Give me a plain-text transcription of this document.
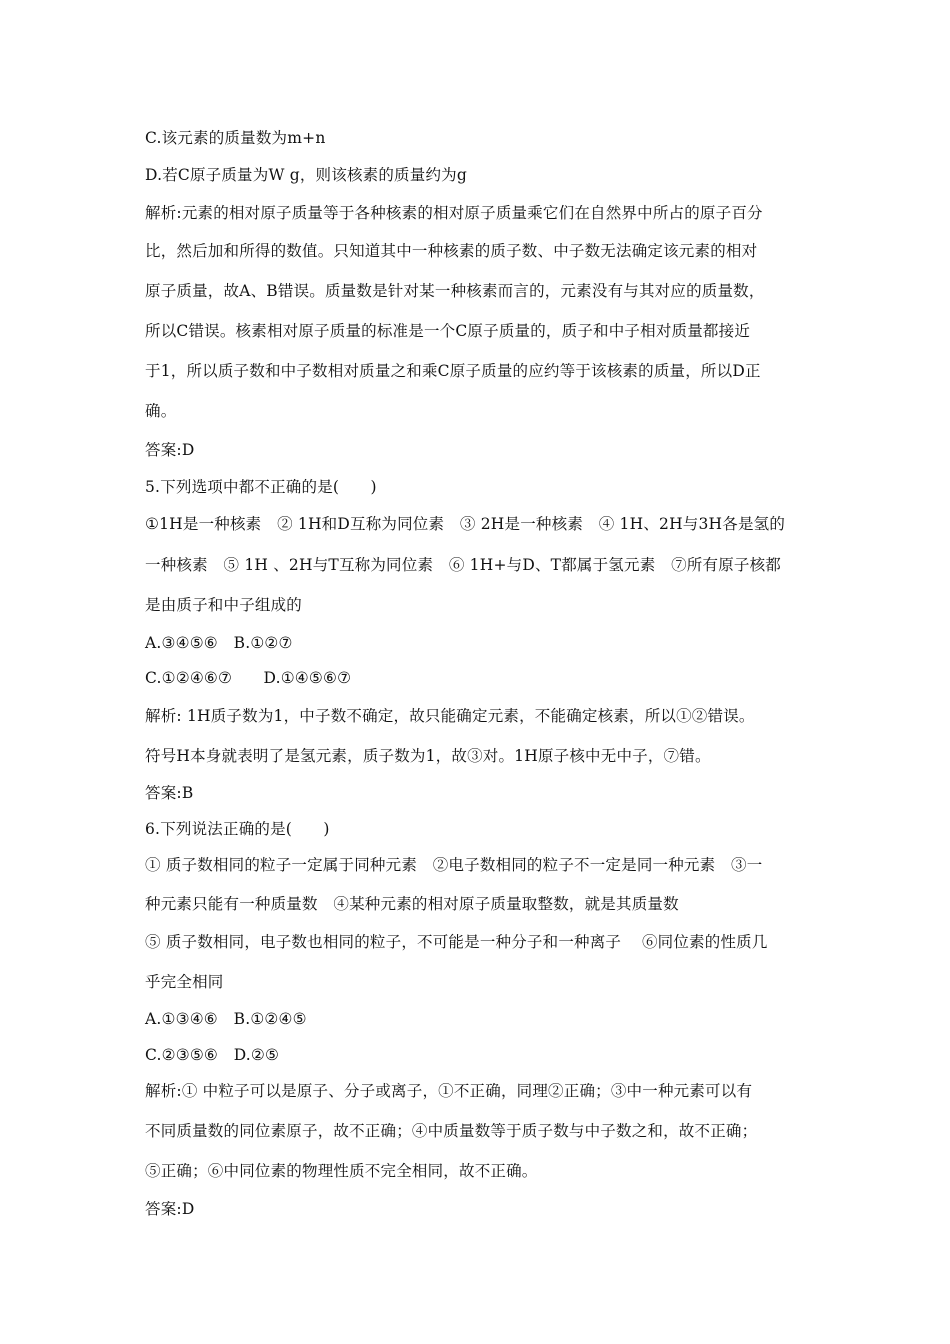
C.该元素的质量数为m+n
D.若C原子质量为W g，则该核素的质量约为g
解析:元素的相对原子质量等于各种核素的相对原子质量乘它们在自然界中所占的原子百分
比，然后加和所得的数值。只知道其中一种核素的质子数、中子数无法确定该元素的相对
原子质量，故A、B错误。质量数是针对某一种核素而言的，元素没有与其对应的质量数，
所以C错误。核素相对原子质量的标准是一个C原子质量的，质子和中子相对质量都接近
于1，所以质子数和中子数相对质量之和乘C原子质量的应约等于该核素的质量，所以D正
确。
答案:D
5.下列选项中都不正确的是(　　)
①1H是一种核素　② 1H和D互称为同位素　③ 2H是一种核素　④ 1H、2H与3H各是氢的
一种核素　⑤ 1H 、2H与T互称为同位素　⑥ 1H+与D、T都属于氢元素　⑦所有原子核都
是由质子和中子组成的
A.③④⑤⑥　B.①②⑦
C.①②④⑥⑦　　D.①④⑤⑥⑦
解析: 1H质子数为1，中子数不确定，故只能确定元素，不能确定核素，所以①②错误。
符号H本身就表明了是氢元素，质子数为1，故③对。1H原子核中无中子，⑦错。
答案:B
6.下列说法正确的是(　　)
① 质子数相同的粒子一定属于同种元素　②电子数相同的粒子不一定是同一种元素　③一
种元素只能有一种质量数　④某种元素的相对原子质量取整数，就是其质量数
⑤ 质子数相同，电子数也相同的粒子，不可能是一种分子和一种离子　 ⑥同位素的性质几
乎完全相同
A.①③④⑥　B.①②④⑤
C.②③⑤⑥　D.②⑤
解析:① 中粒子可以是原子、分子或离子，①不正确，同理②正确；③中一种元素可以有
不同质量数的同位素原子，故不正确；④中质量数等于质子数与中子数之和，故不正确；
⑤正确；⑥中同位素的物理性质不完全相同，故不正确。
答案:D
